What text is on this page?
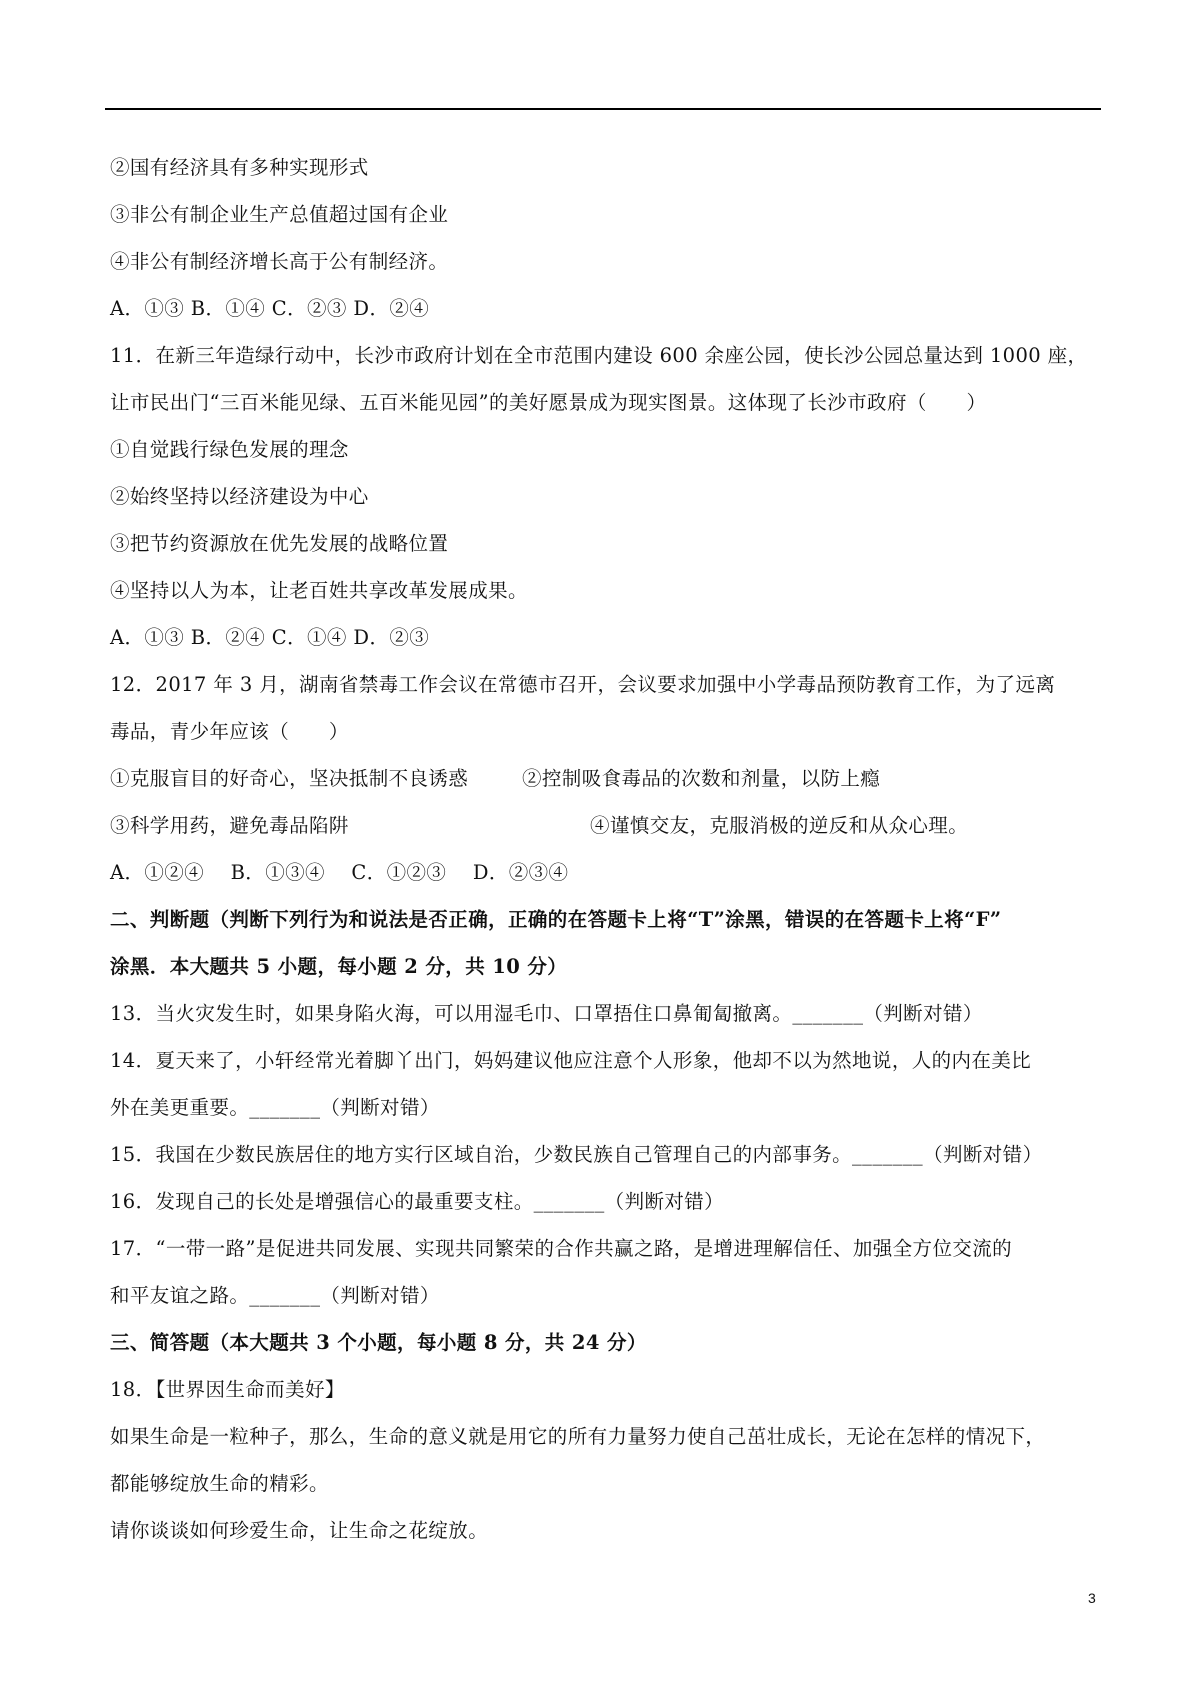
②国有经济具有多种实现形式
③非公有制企业生产总值超过国有企业
④非公有制经济增长高于公有制经济。
A．①③ B．①④ C．②③ D．②④
11．在新三年造绿行动中，长沙市政府计划在全市范围内建设 600 余座公园，使长沙公园总量达到 1000 座，
让市民出门“三百米能见绿、五百米能见园”的美好愿景成为现实图景。这体现了长沙市政府（　　）
①自觉践行绿色发展的理念
②始终坚持以经济建设为中心
③把节约资源放在优先发展的战略位置
④坚持以人为本，让老百姓共享改革发展成果。
A．①③ B．②④ C．①④ D．②③
12．2017 年 3 月，湖南省禁毒工作会议在常德市召开，会议要求加强中小学毒品预防教育工作，为了远离
毒品，青少年应该（　　）
①克服盲目的好奇心，坚决抵制不良诱惑	②控制吸食毒品的次数和剂量，以防上瘾
③科学用药，避免毒品陷阱	④谨慎交友，克服消极的逆反和从众心理。
A．①②④　 B．①③④　 C．①②③　 D．②③④
二、判断题（判断下列行为和说法是否正确，正确的在答题卡上将“T”涂黑，错误的在答题卡上将“F”
涂黑．本大题共 5 小题，每小题 2 分，共 10 分）
13．当火灾发生时，如果身陷火海，可以用湿毛巾、口罩捂住口鼻匍匐撤离。_______（判断对错）
14．夏天来了，小轩经常光着脚丫出门，妈妈建议他应注意个人形象，他却不以为然地说，人的内在美比
外在美更重要。_______（判断对错）
15．我国在少数民族居住的地方实行区域自治，少数民族自己管理自己的内部事务。_______（判断对错）
16．发现自己的长处是增强信心的最重要支柱。_______（判断对错）
17．“一带一路”是促进共同发展、实现共同繁荣的合作共赢之路，是增进理解信任、加强全方位交流的
和平友谊之路。_______（判断对错）
三、简答题（本大题共 3 个小题，每小题 8 分，共 24 分）
18．【世界因生命而美好】
如果生命是一粒种子，那么，生命的意义就是用它的所有力量努力使自己茁壮成长，无论在怎样的情况下，
都能够绽放生命的精彩。
请你谈谈如何珍爱生命，让生命之花绽放。
3
